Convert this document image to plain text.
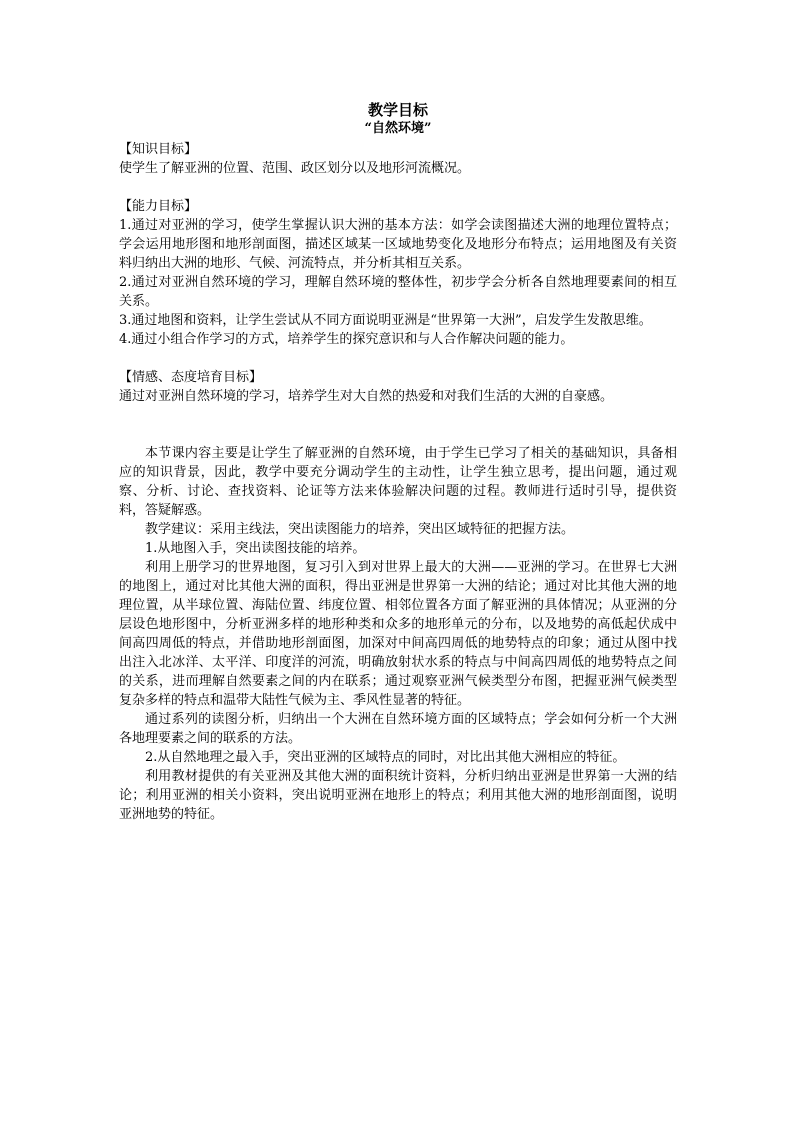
教学目标

“自然环境”

【知识目标】

使学生了解亚洲的位置、范围、政区划分以及地形河流概况。

【能力目标】

1.通过对亚洲的学习，使学生掌握认识大洲的基本方法：如学会读图描述大洲的地理位置特点；学会运用地形图和地形剖面图，描述区域某一区域地势变化及地形分布特点；运用地图及有关资料归纳出大洲的地形、气候、河流特点，并分析其相互关系。

2.通过对亚洲自然环境的学习，理解自然环境的整体性，初步学会分析各自然地理要素间的相互关系。

3.通过地图和资料，让学生尝试从不同方面说明亚洲是“世界第一大洲”，启发学生发散思维。

4.通过小组合作学习的方式，培养学生的探究意识和与人合作解决问题的能力。

【情感、态度培育目标】

通过对亚洲自然环境的学习，培养学生对大自然的热爱和对我们生活的大洲的自豪感。

本节课内容主要是让学生了解亚洲的自然环境，由于学生已学习了相关的基础知识，具备相应的知识背景，因此，教学中要充分调动学生的主动性，让学生独立思考，提出问题，通过观察、分析、讨论、查找资料、论证等方法来体验解决问题的过程。教师进行适时引导，提供资料，答疑解惑。

教学建议：采用主线法，突出读图能力的培养，突出区域特征的把握方法。

1.从地图入手，突出读图技能的培养。

利用上册学习的世界地图，复习引入到对世界上最大的大洲——亚洲的学习。在世界七大洲的地图上，通过对比其他大洲的面积，得出亚洲是世界第一大洲的结论；通过对比其他大洲的地理位置，从半球位置、海陆位置、纬度位置、相邻位置各方面了解亚洲的具体情况；从亚洲的分层设色地形图中，分析亚洲多样的地形种类和众多的地形单元的分布，以及地势的高低起伏成中间高四周低的特点，并借助地形剖面图，加深对中间高四周低的地势特点的印象；通过从图中找出注入北冰洋、太平洋、印度洋的河流，明确放射状水系的特点与中间高四周低的地势特点之间的关系，进而理解自然要素之间的内在联系；通过观察亚洲气候类型分布图，把握亚洲气候类型复杂多样的特点和温带大陆性气候为主、季风性显著的特征。

通过系列的读图分析，归纳出一个大洲在自然环境方面的区域特点；学会如何分析一个大洲各地理要素之间的联系的方法。

2.从自然地理之最入手，突出亚洲的区域特点的同时，对比出其他大洲相应的特征。

利用教材提供的有关亚洲及其他大洲的面积统计资料，分析归纳出亚洲是世界第一大洲的结论；利用亚洲的相关小资料，突出说明亚洲在地形上的特点；利用其他大洲的地形剖面图，说明亚洲地势的特征。
